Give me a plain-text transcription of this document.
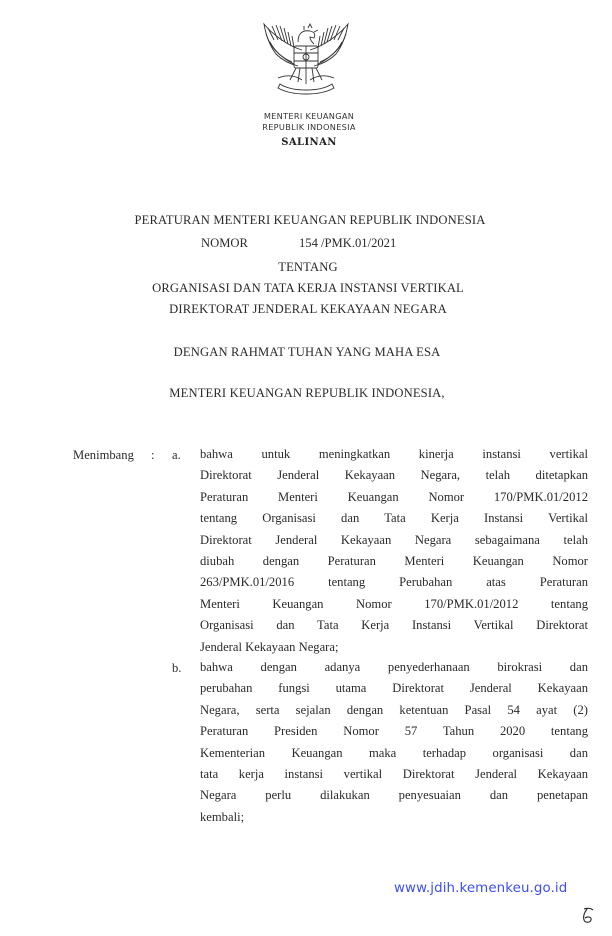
MENTERI KEUANGAN
REPUBLIK INDONESIA
SALINAN
PERATURAN MENTERI KEUANGAN REPUBLIK INDONESIA
NOMOR	154 /PMK.01/2021
TENTANG
ORGANISASI DAN TATA KERJA INSTANSI VERTIKAL
DIREKTORAT JENDERAL KEKAYAAN NEGARA
DENGAN RAHMAT TUHAN YANG MAHA ESA
MENTERI KEUANGAN REPUBLIK INDONESIA,
Menimbang : a. bahwa untuk meningkatkan kinerja instansi vertikal
Direktorat Jenderal Kekayaan Negara, telah ditetapkan
Peraturan Menteri Keuangan Nomor 170/PMK.01/2012
tentang Organisasi dan Tata Kerja Instansi Vertikal
Direktorat Jenderal Kekayaan Negara sebagaimana telah
diubah dengan Peraturan Menteri Keuangan Nomor
263/PMK.01/2016 tentang Perubahan atas Peraturan
Menteri Keuangan Nomor 170/PMK.01/2012 tentang
Organisasi dan Tata Kerja Instansi Vertikal Direktorat
Jenderal Kekayaan Negara;
b. bahwa dengan adanya penyederhanaan birokrasi dan
perubahan fungsi utama Direktorat Jenderal Kekayaan
Negara, serta sejalan dengan ketentuan Pasal 54 ayat (2)
Peraturan Presiden Nomor 57 Tahun 2020 tentang
Kementerian Keuangan maka terhadap organisasi dan
tata kerja instansi vertikal Direktorat Jenderal Kekayaan
Negara perlu dilakukan penyesuaian dan penetapan
kembali;
www.jdih.kemenkeu.go.id
